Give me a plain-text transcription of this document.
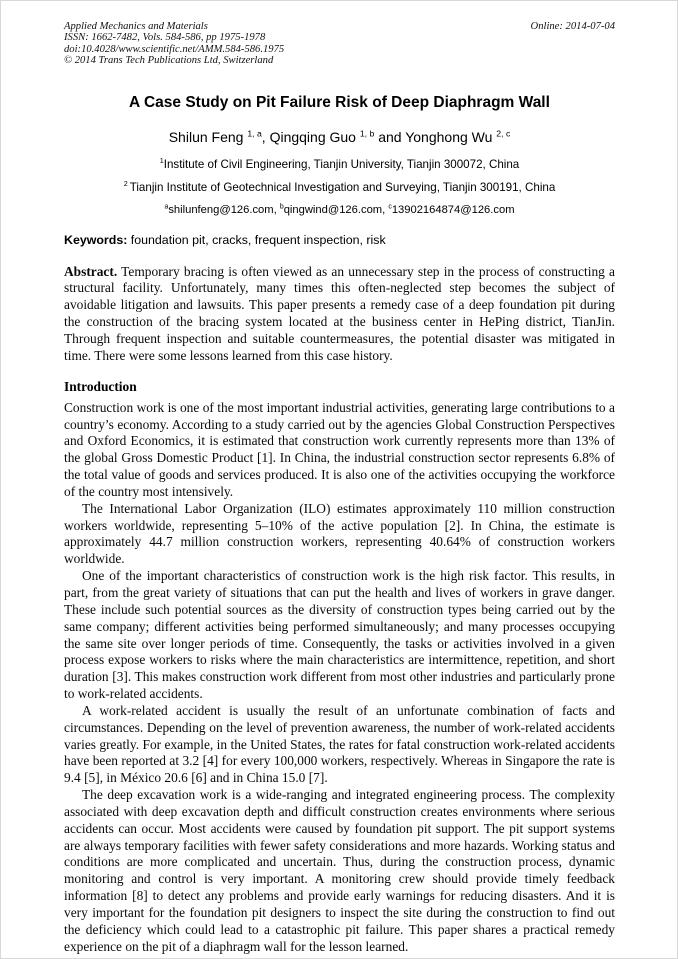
Applied Mechanics and Materials	Online: 2014-07-04
ISSN: 1662-7482, Vols. 584-586, pp 1975-1978
doi:10.4028/www.scientific.net/AMM.584-586.1975
© 2014 Trans Tech Publications Ltd, Switzerland
A Case Study on Pit Failure Risk of Deep Diaphragm Wall
Shilun Feng $^{1, a}$, Qingqing Guo $^{1, b}$ and Yonghong Wu $^{2, c}$
$^1$Institute of Civil Engineering, Tianjin University, Tianjin 300072, China
$^2$ Tianjin Institute of Geotechnical Investigation and Surveying, Tianjin 300191, China
$^a$shilunfeng@126.com, $^b$qingwind@126.com, $^c$13902164874@126.com
Keywords: foundation pit, cracks, frequent inspection, risk
Abstract. Temporary bracing is often viewed as an unnecessary step in the process of constructing a structural facility. Unfortunately, many times this often-neglected step becomes the subject of avoidable litigation and lawsuits. This paper presents a remedy case of a deep foundation pit during the construction of the bracing system located at the business center in HePing district, TianJin. Through frequent inspection and suitable countermeasures, the potential disaster was mitigated in time. There were some lessons learned from this case history.
Introduction

Construction work is one of the most important industrial activities, generating large contributions to a country’s economy. According to a study carried out by the agencies Global Construction Perspectives and Oxford Economics, it is estimated that construction work currently represents more than 13% of the global Gross Domestic Product [1]. In China, the industrial construction sector represents 6.8% of the total value of goods and services produced. It is also one of the activities occupying the workforce of the country most intensively.

The International Labor Organization (ILO) estimates approximately 110 million construction workers worldwide, representing 5–10% of the active population [2]. In China, the estimate is approximately 44.7 million construction workers, representing 40.64% of construction workers worldwide.

One of the important characteristics of construction work is the high risk factor. This results, in part, from the great variety of situations that can put the health and lives of workers in grave danger. These include such potential sources as the diversity of construction types being carried out by the same company; different activities being performed simultaneously; and many processes occupying the same site over longer periods of time. Consequently, the tasks or activities involved in a given process expose workers to risks where the main characteristics are intermittence, repetition, and short duration [3]. This makes construction work different from most other industries and particularly prone to work-related accidents.

A work-related accident is usually the result of an unfortunate combination of facts and circumstances. Depending on the level of prevention awareness, the number of work-related accidents varies greatly. For example, in the United States, the rates for fatal construction work-related accidents have been reported at 3.2 [4] for every 100,000 workers, respectively. Whereas in Singapore the rate is 9.4 [5], in México 20.6 [6] and in China 15.0 [7].

The deep excavation work is a wide-ranging and integrated engineering process. The complexity associated with deep excavation depth and difficult construction creates environments where serious accidents can occur. Most accidents were caused by foundation pit support. The pit support systems are always temporary facilities with fewer safety considerations and more hazards. Working status and conditions are more complicated and uncertain. Thus, during the construction process, dynamic monitoring and control is very important. A monitoring crew should provide timely feedback information [8] to detect any problems and provide early warnings for reducing disasters. And it is very important for the foundation pit designers to inspect the site during the construction to find out the deficiency which could lead to a catastrophic pit failure. This paper shares a practical remedy experience on the pit of a diaphragm wall for the lesson learned.
